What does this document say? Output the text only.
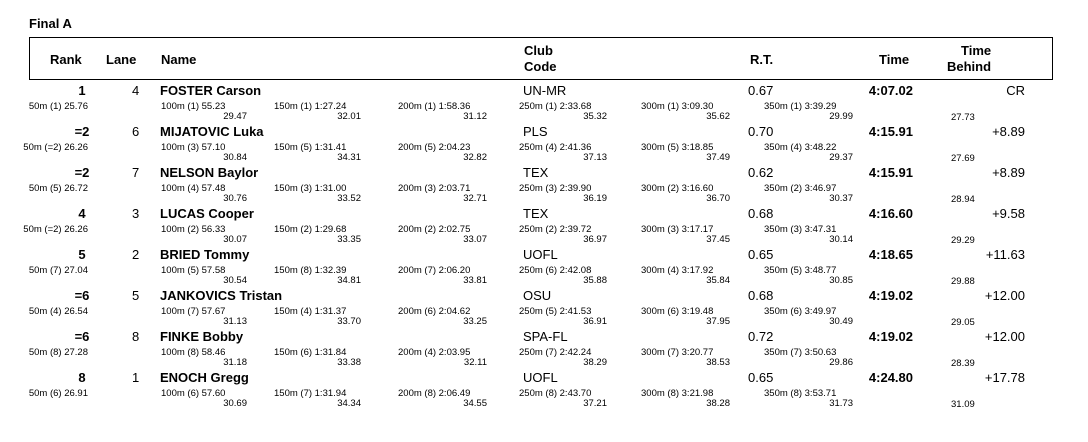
Final A
Rank Lane Name
Club
Code	R.T.	Time
Time
Behind
1	4 FOSTER Carson	UN-MR	0.67	4:07.02	CR
50m (1) 25.76	100m (1) 55.23
29.47
150m (1) 1:27.24
32.01
200m (1) 1:58.36
31.12
250m (1) 2:33.68
35.32
300m (1) 3:09.30
35.62
350m (1) 3:39.29
29.99	27.73
=2	6 MIJATOVIC Luka	PLS	0.70	4:15.91	+8.89
50m (=2) 26.26	100m (3) 57.10
30.84
150m (5) 1:31.41
34.31
200m (5) 2:04.23
32.82
250m (4) 2:41.36
37.13
300m (5) 3:18.85
37.49
350m (4) 3:48.22
29.37	27.69
=2	7 NELSON Baylor	TEX	0.62	4:15.91	+8.89
50m (5) 26.72	100m (4) 57.48
30.76
150m (3) 1:31.00
33.52
200m (3) 2:03.71
32.71
250m (3) 2:39.90
36.19
300m (2) 3:16.60
36.70
350m (2) 3:46.97
30.37	28.94
4	3 LUCAS Cooper	TEX	0.68	4:16.60	+9.58
50m (=2) 26.26	100m (2) 56.33
30.07
150m (2) 1:29.68
33.35
200m (2) 2:02.75
33.07
250m (2) 2:39.72
36.97
300m (3) 3:17.17
37.45
350m (3) 3:47.31
30.14	29.29
5	2 BRIED Tommy	UOFL	0.65	4:18.65	+11.63
50m (7) 27.04	100m (5) 57.58
30.54
150m (8) 1:32.39
34.81
200m (7) 2:06.20
33.81
250m (6) 2:42.08
35.88
300m (4) 3:17.92
35.84
350m (5) 3:48.77
30.85	29.88
=6	5 JANKOVICS Tristan	OSU	0.68	4:19.02	+12.00
50m (4) 26.54	100m (7) 57.67
31.13
150m (4) 1:31.37
33.70
200m (6) 2:04.62
33.25
250m (5) 2:41.53
36.91
300m (6) 3:19.48
37.95
350m (6) 3:49.97
30.49	29.05
=6	8 FINKE Bobby	SPA-FL	0.72	4:19.02	+12.00
50m (8) 27.28	100m (8) 58.46
31.18
150m (6) 1:31.84
33.38
200m (4) 2:03.95
32.11
250m (7) 2:42.24
38.29
300m (7) 3:20.77
38.53
350m (7) 3:50.63
29.86	28.39
8	1 ENOCH Gregg	UOFL	0.65	4:24.80	+17.78
50m (6) 26.91	100m (6) 57.60
30.69
150m (7) 1:31.94
34.34
200m (8) 2:06.49
34.55
250m (8) 2:43.70
37.21
300m (8) 3:21.98
38.28
350m (8) 3:53.71
31.73	31.09
